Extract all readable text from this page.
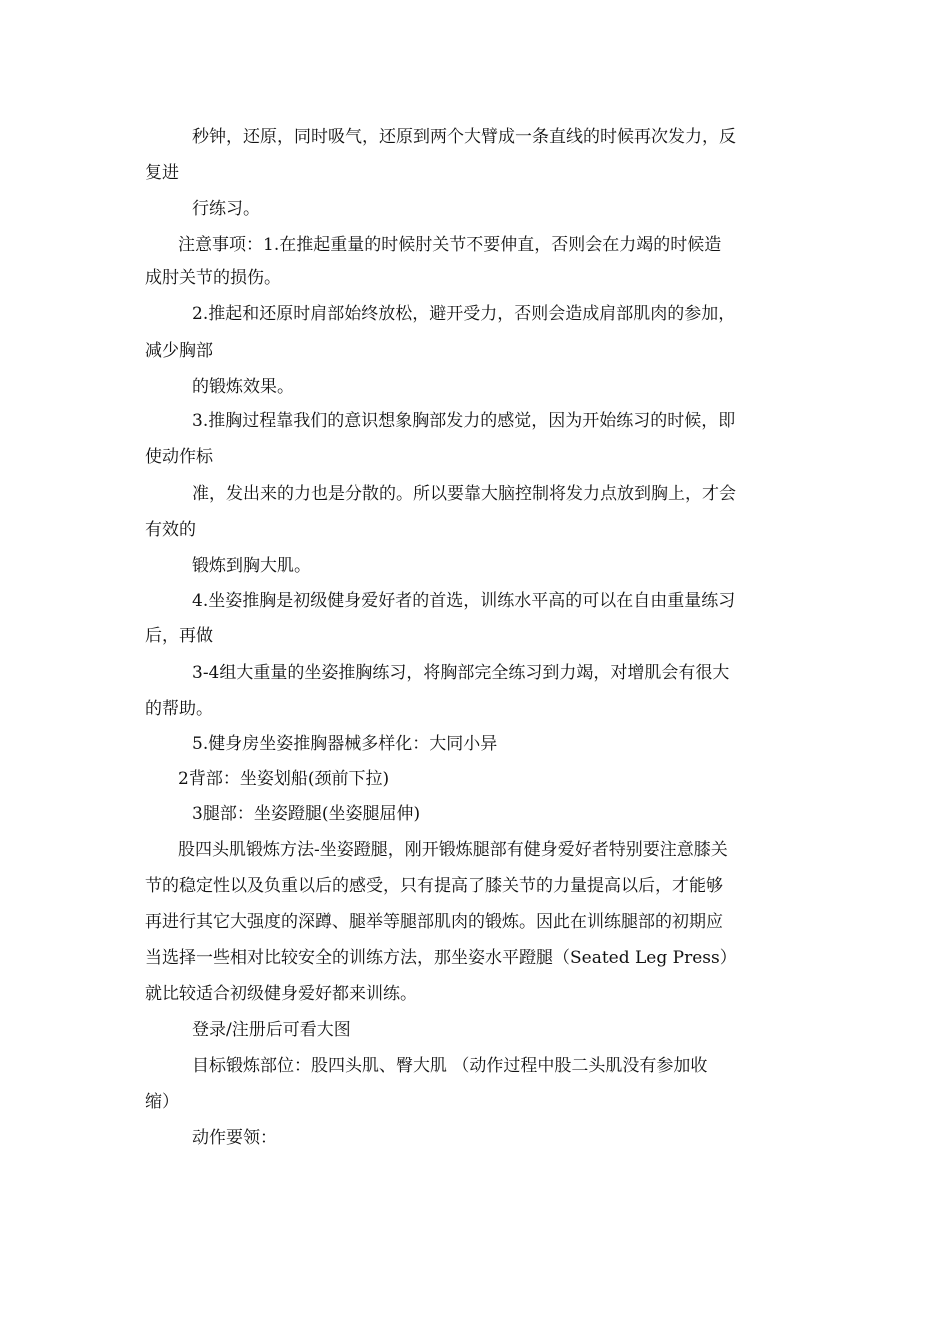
秒钟，还原，同时吸气，还原到两个大臂成一条直线的时候再次发力，反
复进
行练习。
注意事项：1.在推起重量的时候肘关节不要伸直，否则会在力竭的时候造
成肘关节的损伤。
2.推起和还原时肩部始终放松，避开受力，否则会造成肩部肌肉的参加，
减少胸部
的锻炼效果。
3.推胸过程靠我们的意识想象胸部发力的感觉，因为开始练习的时候，即
使动作标
准，发出来的力也是分散的。所以要靠大脑控制将发力点放到胸上，才会
有效的
锻炼到胸大肌。
4.坐姿推胸是初级健身爱好者的首选，训练水平高的可以在自由重量练习
后，再做
3-4组大重量的坐姿推胸练习，将胸部完全练习到力竭，对增肌会有很大
的帮助。
5.健身房坐姿推胸器械多样化：大同小异
2背部：坐姿划船(颈前下拉)
3腿部：坐姿蹬腿(坐姿腿屈伸)
股四头肌锻炼方法-坐姿蹬腿，刚开锻炼腿部有健身爱好者特别要注意膝关
节的稳定性以及负重以后的感受，只有提高了膝关节的力量提高以后，才能够
再进行其它大强度的深蹲、腿举等腿部肌肉的锻炼。因此在训练腿部的初期应
当选择一些相对比较安全的训练方法，那坐姿水平蹬腿（Seated Leg Press）
就比较适合初级健身爱好都来训练。
登录/注册后可看大图
目标锻炼部位：股四头肌、臀大肌 （动作过程中股二头肌没有参加收
缩）
动作要领：
